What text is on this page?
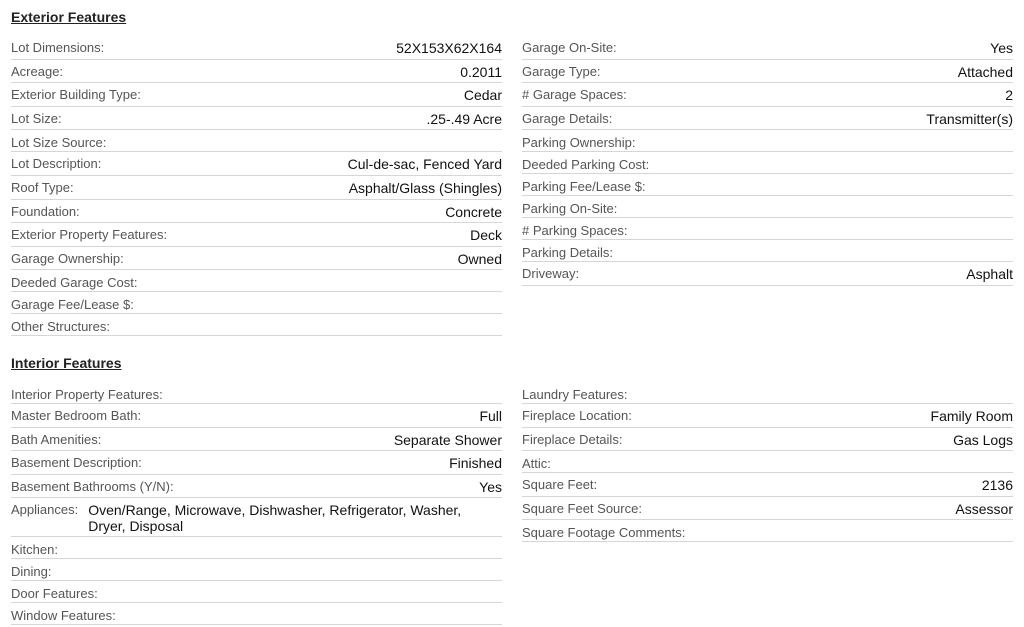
Exterior Features
Lot Dimensions:	52X153X62X164
Acreage:	0.2011
Exterior Building Type:	Cedar
Lot Size:	.25-.49 Acre
Lot Size Source:
Lot Description:	Cul-de-sac, Fenced Yard
Roof Type:	Asphalt/Glass (Shingles)
Foundation:	Concrete
Exterior Property Features:	Deck
Garage Ownership:	Owned
Deeded Garage Cost:
Garage Fee/Lease $:
Other Structures:
Garage On-Site:	Yes
Garage Type:	Attached
# Garage Spaces:	2
Garage Details:	Transmitter(s)
Parking Ownership:
Deeded Parking Cost:
Parking Fee/Lease $:
Parking On-Site:
# Parking Spaces:
Parking Details:
Driveway:	Asphalt
Interior Features
Interior Property Features:
Master Bedroom Bath:	Full
Bath Amenities:	Separate Shower
Basement Description:	Finished
Basement Bathrooms (Y/N):	Yes
Appliances: Oven/Range, Microwave, Dishwasher, Refrigerator, Washer, Dryer, Disposal
Kitchen:
Dining:
Door Features:
Window Features:
Laundry Features:
Fireplace Location:	Family Room
Fireplace Details:	Gas Logs
Attic:
Square Feet:	2136
Square Feet Source:	Assessor
Square Footage Comments:
